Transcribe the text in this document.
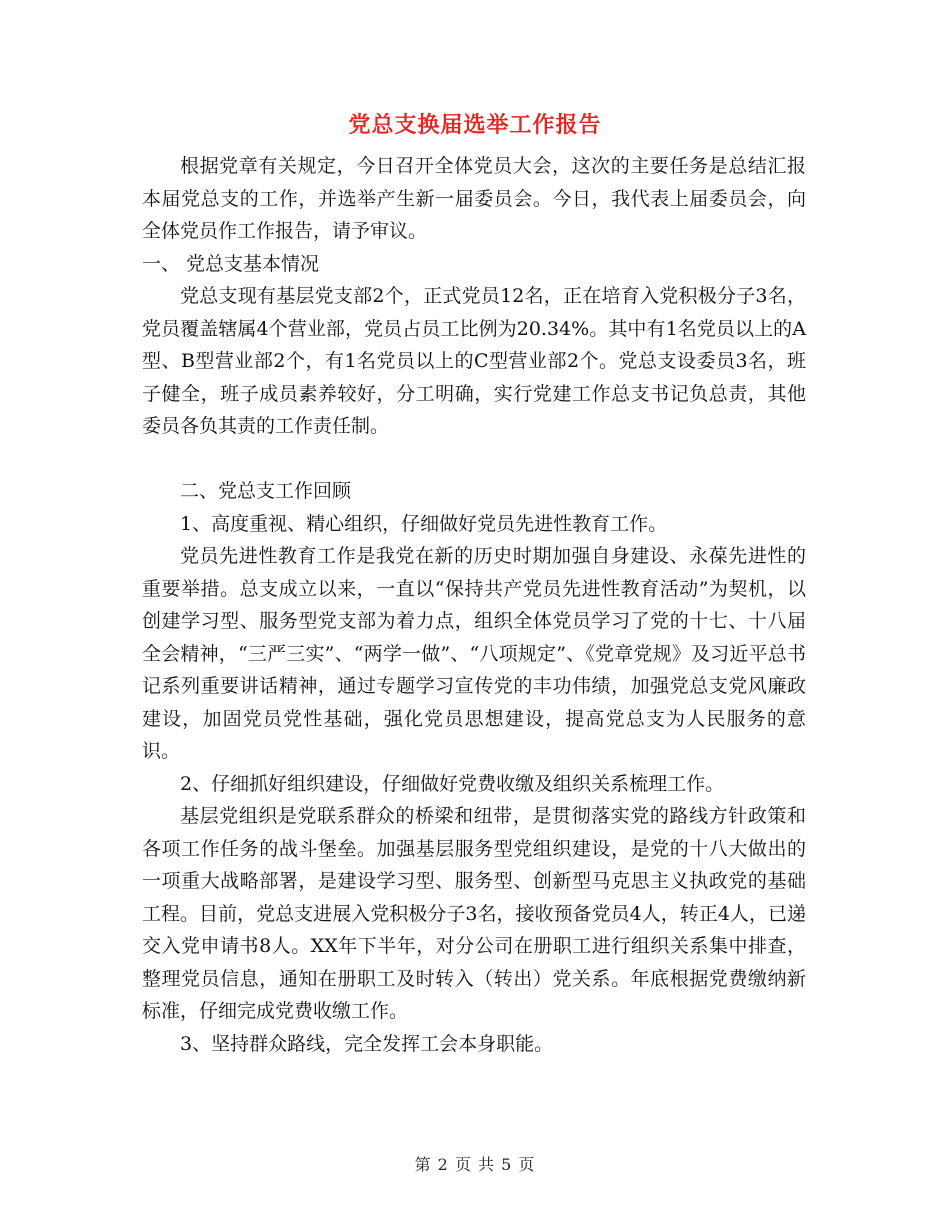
党总支换届选举工作报告

根据党章有关规定，今日召开全体党员大会，这次的主要任务是总结汇报本届党总支的工作，并选举产生新一届委员会。今日，我代表上届委员会，向全体党员作工作报告，请予审议。

一、 党总支基本情况

党总支现有基层党支部2个，正式党员12名，正在培育入党积极分子3名，党员覆盖辖属4个营业部，党员占员工比例为20.34%。其中有1名党员以上的A型、B型营业部2个，有1名党员以上的C型营业部2个。党总支设委员3名，班子健全，班子成员素养较好，分工明确，实行党建工作总支书记负总责，其他委员各负其责的工作责任制。

二、党总支工作回顾

1、高度重视、精心组织，仔细做好党员先进性教育工作。

党员先进性教育工作是我党在新的历史时期加强自身建设、永葆先进性的重要举措。总支成立以来，一直以“保持共产党员先进性教育活动”为契机，以创建学习型、服务型党支部为着力点，组织全体党员学习了党的十七、十八届全会精神，“三严三实”、“两学一做”、“八项规定”、《党章党规》及习近平总书记系列重要讲话精神，通过专题学习宣传党的丰功伟绩，加强党总支党风廉政建设，加固党员党性基础，强化党员思想建设，提高党总支为人民服务的意识。

2、仔细抓好组织建设，仔细做好党费收缴及组织关系梳理工作。

基层党组织是党联系群众的桥梁和纽带，是贯彻落实党的路线方针政策和各项工作任务的战斗堡垒。加强基层服务型党组织建设，是党的十八大做出的一项重大战略部署，是建设学习型、服务型、创新型马克思主义执政党的基础工程。目前，党总支进展入党积极分子3名，接收预备党员4人，转正4人，已递交入党申请书8人。XX年下半年，对分公司在册职工进行组织关系集中排查，整理党员信息，通知在册职工及时转入（转出）党关系。年底根据党费缴纳新标准，仔细完成党费收缴工作。

3、坚持群众路线，完全发挥工会本身职能。

第 2 页 共 5 页
